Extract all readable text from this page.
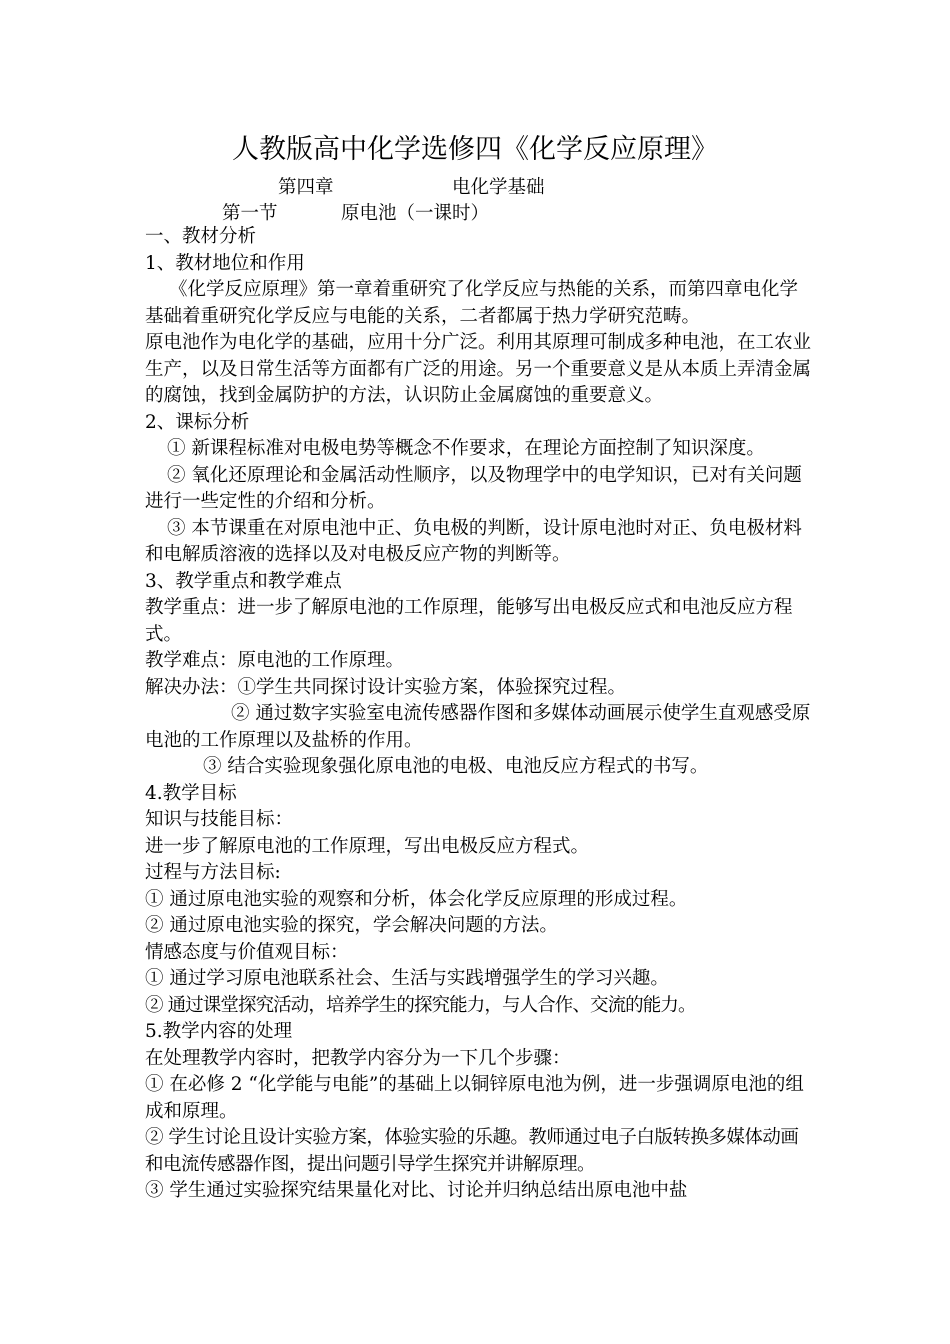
人教版高中化学选修四《化学反应原理》
第四章	电化学基础
第一节	原电池（一课时）

一、教材分析

1、教材地位和作用

《化学反应原理》第一章着重研究了化学反应与热能的关系，而第四章电化学基础着重研究化学反应与电能的关系，二者都属于热力学研究范畴。

原电池作为电化学的基础，应用十分广泛。利用其原理可制成多种电池，在工农业生产，以及日常生活等方面都有广泛的用途。另一个重要意义是从本质上弄清金属的腐蚀，找到金属防护的方法，认识防止金属腐蚀的重要意义。

2、课标分析

① 新课程标准对电极电势等概念不作要求，在理论方面控制了知识深度。

② 氧化还原理论和金属活动性顺序，以及物理学中的电学知识，已对有关问题进行一些定性的介绍和分析。

③ 本节课重在对原电池中正、负电极的判断，设计原电池时对正、负电极材料和电解质溶液的选择以及对电极反应产物的判断等。

3、教学重点和教学难点

教学重点：进一步了解原电池的工作原理，能够写出电极反应式和电池反应方程式。

教学难点：原电池的工作原理。

解决办法：①学生共同探讨设计实验方案，体验探究过程。

② 通过数字实验室电流传感器作图和多媒体动画展示使学生直观感受原电池的工作原理以及盐桥的作用。

③ 结合实验现象强化原电池的电极、电池反应方程式的书写。

4.教学目标

知识与技能目标：

进一步了解原电池的工作原理，写出电极反应方程式。

过程与方法目标:

① 通过原电池实验的观察和分析，体会化学反应原理的形成过程。

② 通过原电池实验的探究，学会解决问题的方法。

情感态度与价值观目标：

① 通过学习原电池联系社会、生活与实践增强学生的学习兴趣。

② 通过课堂探究活动，培养学生的探究能力，与人合作、交流的能力。

5.教学内容的处理

在处理教学内容时，把教学内容分为一下几个步骤：

① 在必修 2 “化学能与电能”的基础上以铜锌原电池为例，进一步强调原电池的组成和原理。

② 学生讨论且设计实验方案，体验实验的乐趣。教师通过电子白版转换多媒体动画和电流传感器作图，提出问题引导学生探究并讲解原理。

③ 学生通过实验探究结果量化对比、讨论并归纳总结出原电池中盐
